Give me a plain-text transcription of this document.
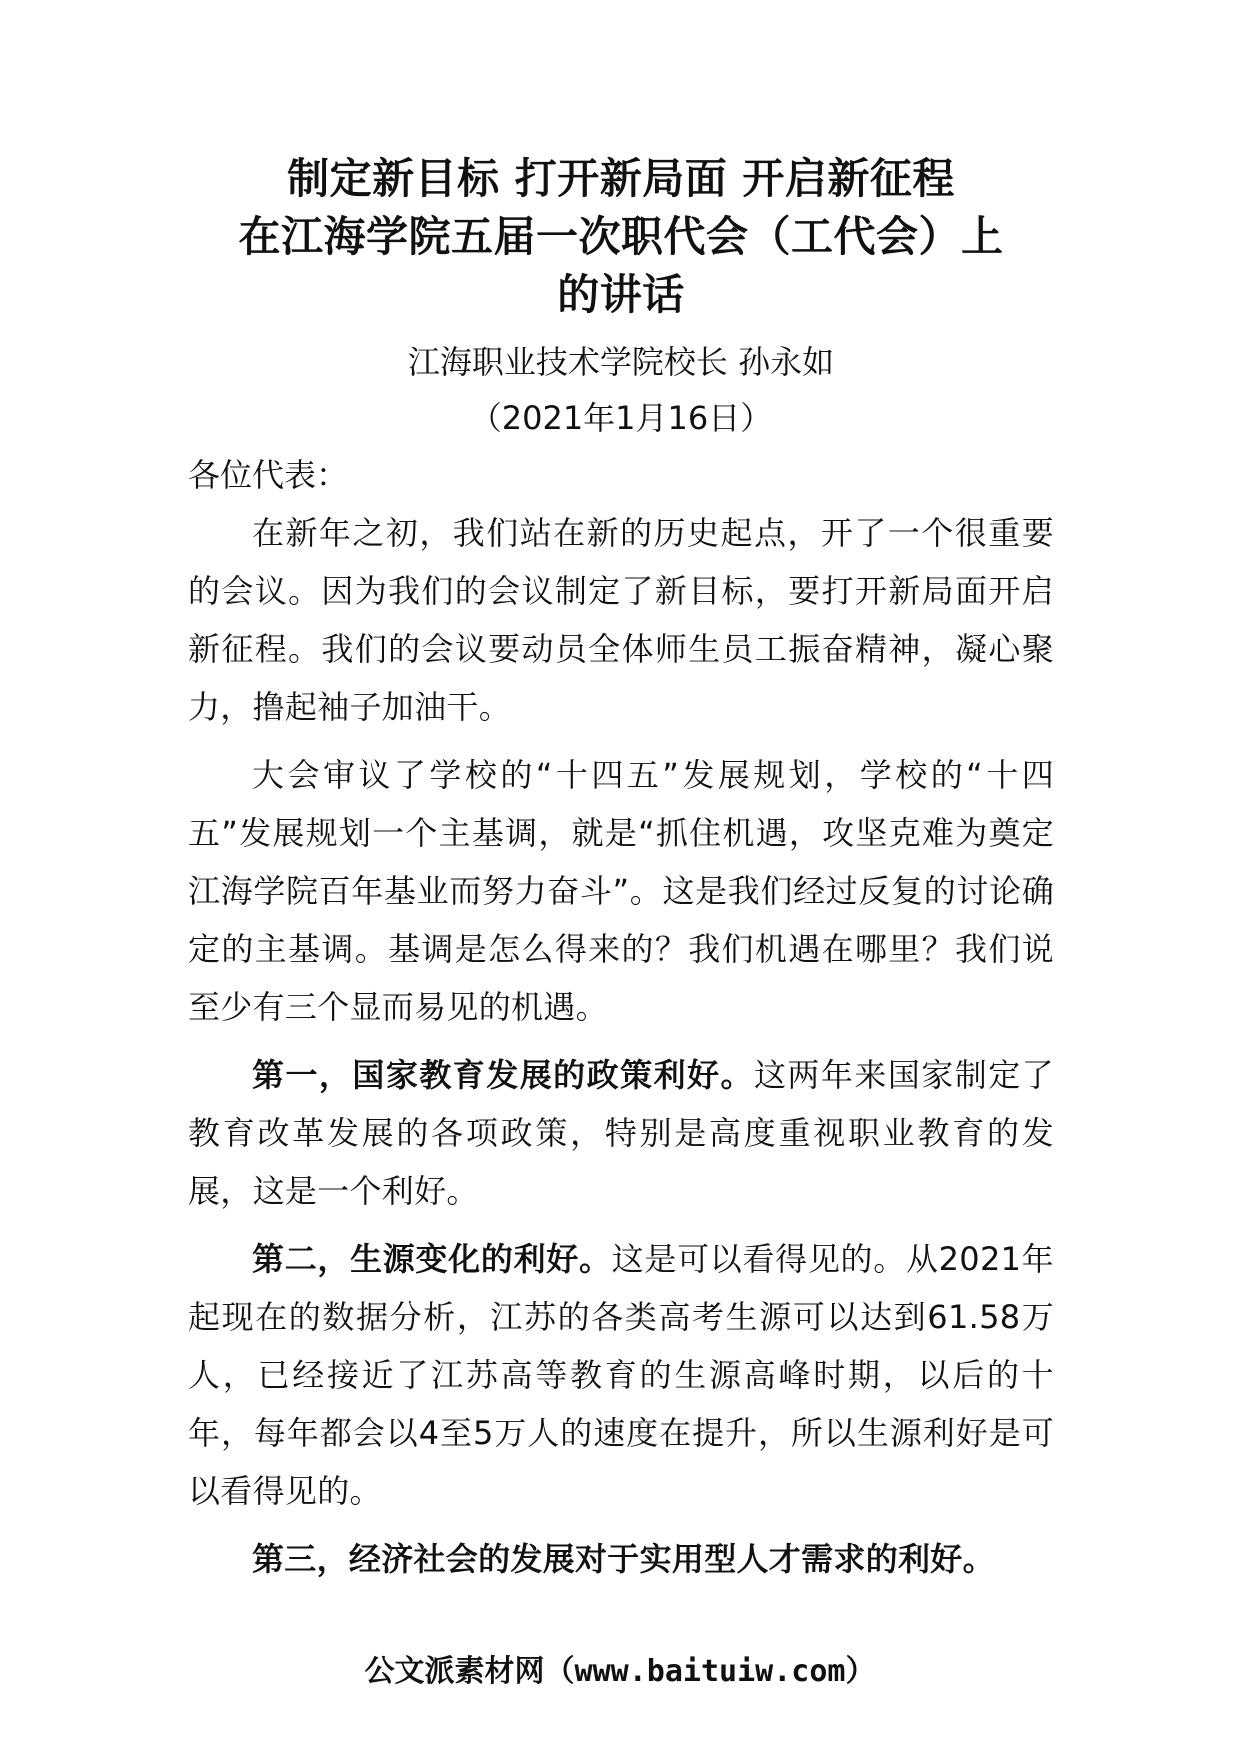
制定新目标 打开新局面 开启新征程
在江海学院五届一次职代会（工代会）上
的讲话
江海职业技术学院校长 孙永如
（2021年1月16日）
各位代表：

在新年之初，我们站在新的历史起点，开了一个很重要的会议。因为我们的会议制定了新目标，要打开新局面开启新征程。我们的会议要动员全体师生员工振奋精神，凝心聚力，撸起袖子加油干。

大会审议了学校的“十四五”发展规划，学校的“十四五”发展规划一个主基调，就是“抓住机遇，攻坚克难为奠定江海学院百年基业而努力奋斗”。这是我们经过反复的讨论确定的主基调。基调是怎么得来的？我们机遇在哪里？我们说至少有三个显而易见的机遇。

第一，国家教育发展的政策利好。这两年来国家制定了教育改革发展的各项政策，特别是高度重视职业教育的发展，这是一个利好。

第二，生源变化的利好。这是可以看得见的。从2021年起现在的数据分析，江苏的各类高考生源可以达到61.58万人，已经接近了江苏高等教育的生源高峰时期，以后的十年，每年都会以4至5万人的速度在提升，所以生源利好是可以看得见的。

第三，经济社会的发展对于实用型人才需求的利好。

公文派素材网（www.baituiw.com）
